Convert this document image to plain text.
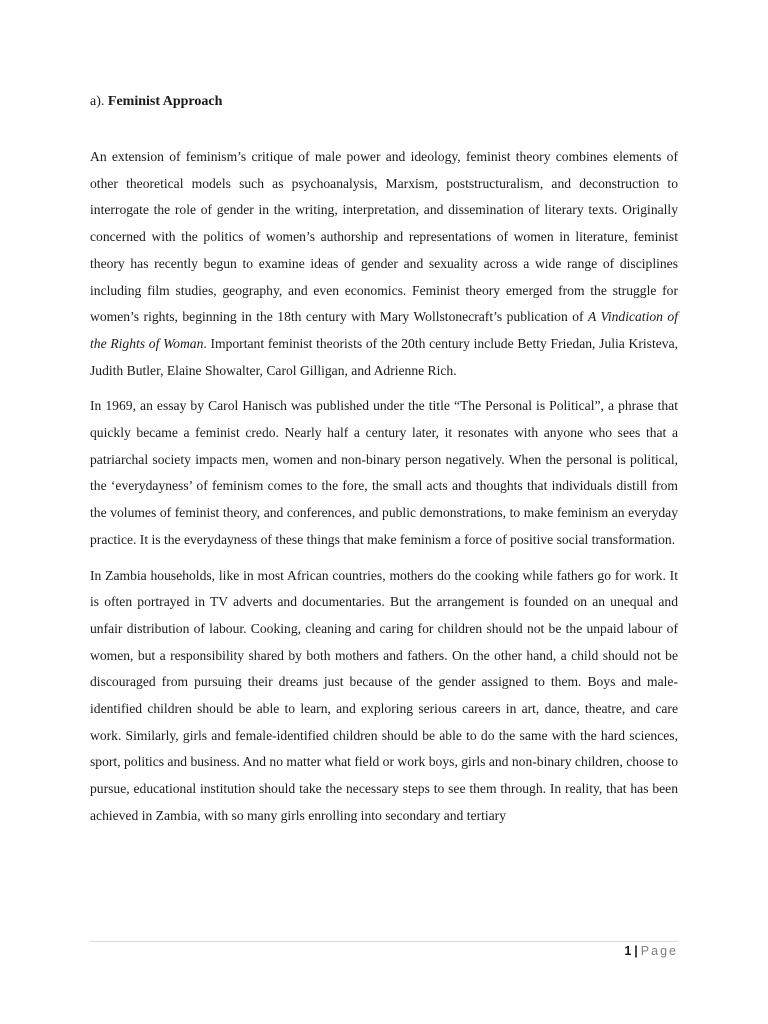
a). Feminist Approach

An extension of feminism’s critique of male power and ideology, feminist theory combines elements of other theoretical models such as psychoanalysis, Marxism, poststructuralism, and deconstruction to interrogate the role of gender in the writing, interpretation, and dissemination of literary texts. Originally concerned with the politics of women’s authorship and representations of women in literature, feminist theory has recently begun to examine ideas of gender and sexuality across a wide range of disciplines including film studies, geography, and even economics. Feminist theory emerged from the struggle for women’s rights, beginning in the 18th century with Mary Wollstonecraft’s publication of A Vindication of the Rights of Woman. Important feminist theorists of the 20th century include Betty Friedan, Julia Kristeva, Judith Butler, Elaine Showalter, Carol Gilligan, and Adrienne Rich.

In 1969, an essay by Carol Hanisch was published under the title “The Personal is Political”, a phrase that quickly became a feminist credo. Nearly half a century later, it resonates with anyone who sees that a patriarchal society impacts men, women and non-binary person negatively. When the personal is political, the ‘everydayness’ of feminism comes to the fore, the small acts and thoughts that individuals distill from the volumes of feminist theory, and conferences, and public demonstrations, to make feminism an everyday practice. It is the everydayness of these things that make feminism a force of positive social transformation.

In Zambia households, like in most African countries, mothers do the cooking while fathers go for work. It is often portrayed in TV adverts and documentaries. But the arrangement is founded on an unequal and unfair distribution of labour. Cooking, cleaning and caring for children should not be the unpaid labour of women, but a responsibility shared by both mothers and fathers. On the other hand, a child should not be discouraged from pursuing their dreams just because of the gender assigned to them. Boys and male-identified children should be able to learn, and exploring serious careers in art, dance, theatre, and care work. Similarly, girls and female-identified children should be able to do the same with the hard sciences, sport, politics and business. And no matter what field or work boys, girls and non-binary children, choose to pursue, educational institution should take the necessary steps to see them through. In reality, that has been achieved in Zambia, with so many girls enrolling into secondary and tertiary

1 | Page
